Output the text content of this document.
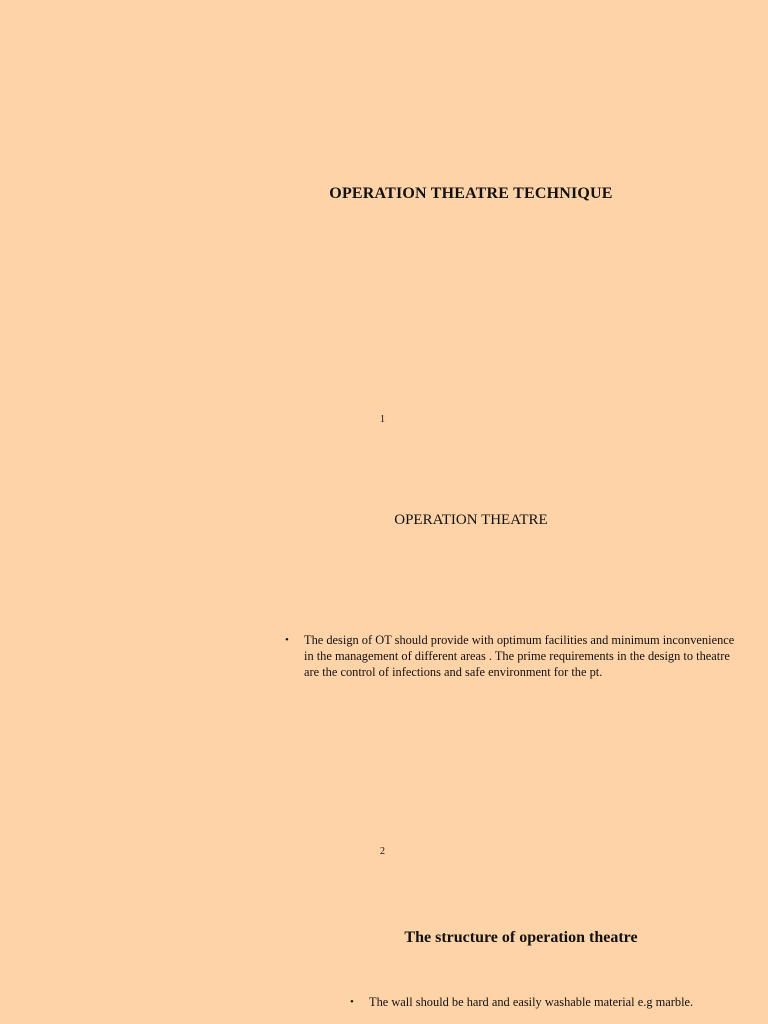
OPERATION THEATRE TECHNIQUE
1
OPERATION THEATRE
•	The design of OT should provide with optimum facilities and minimum inconvenience in the management of different areas . The prime requirements in the design to theatre are the control of infections and safe environment for the pt.
2
The structure of operation theatre
•	The wall should be hard and easily washable material e.g marble.
